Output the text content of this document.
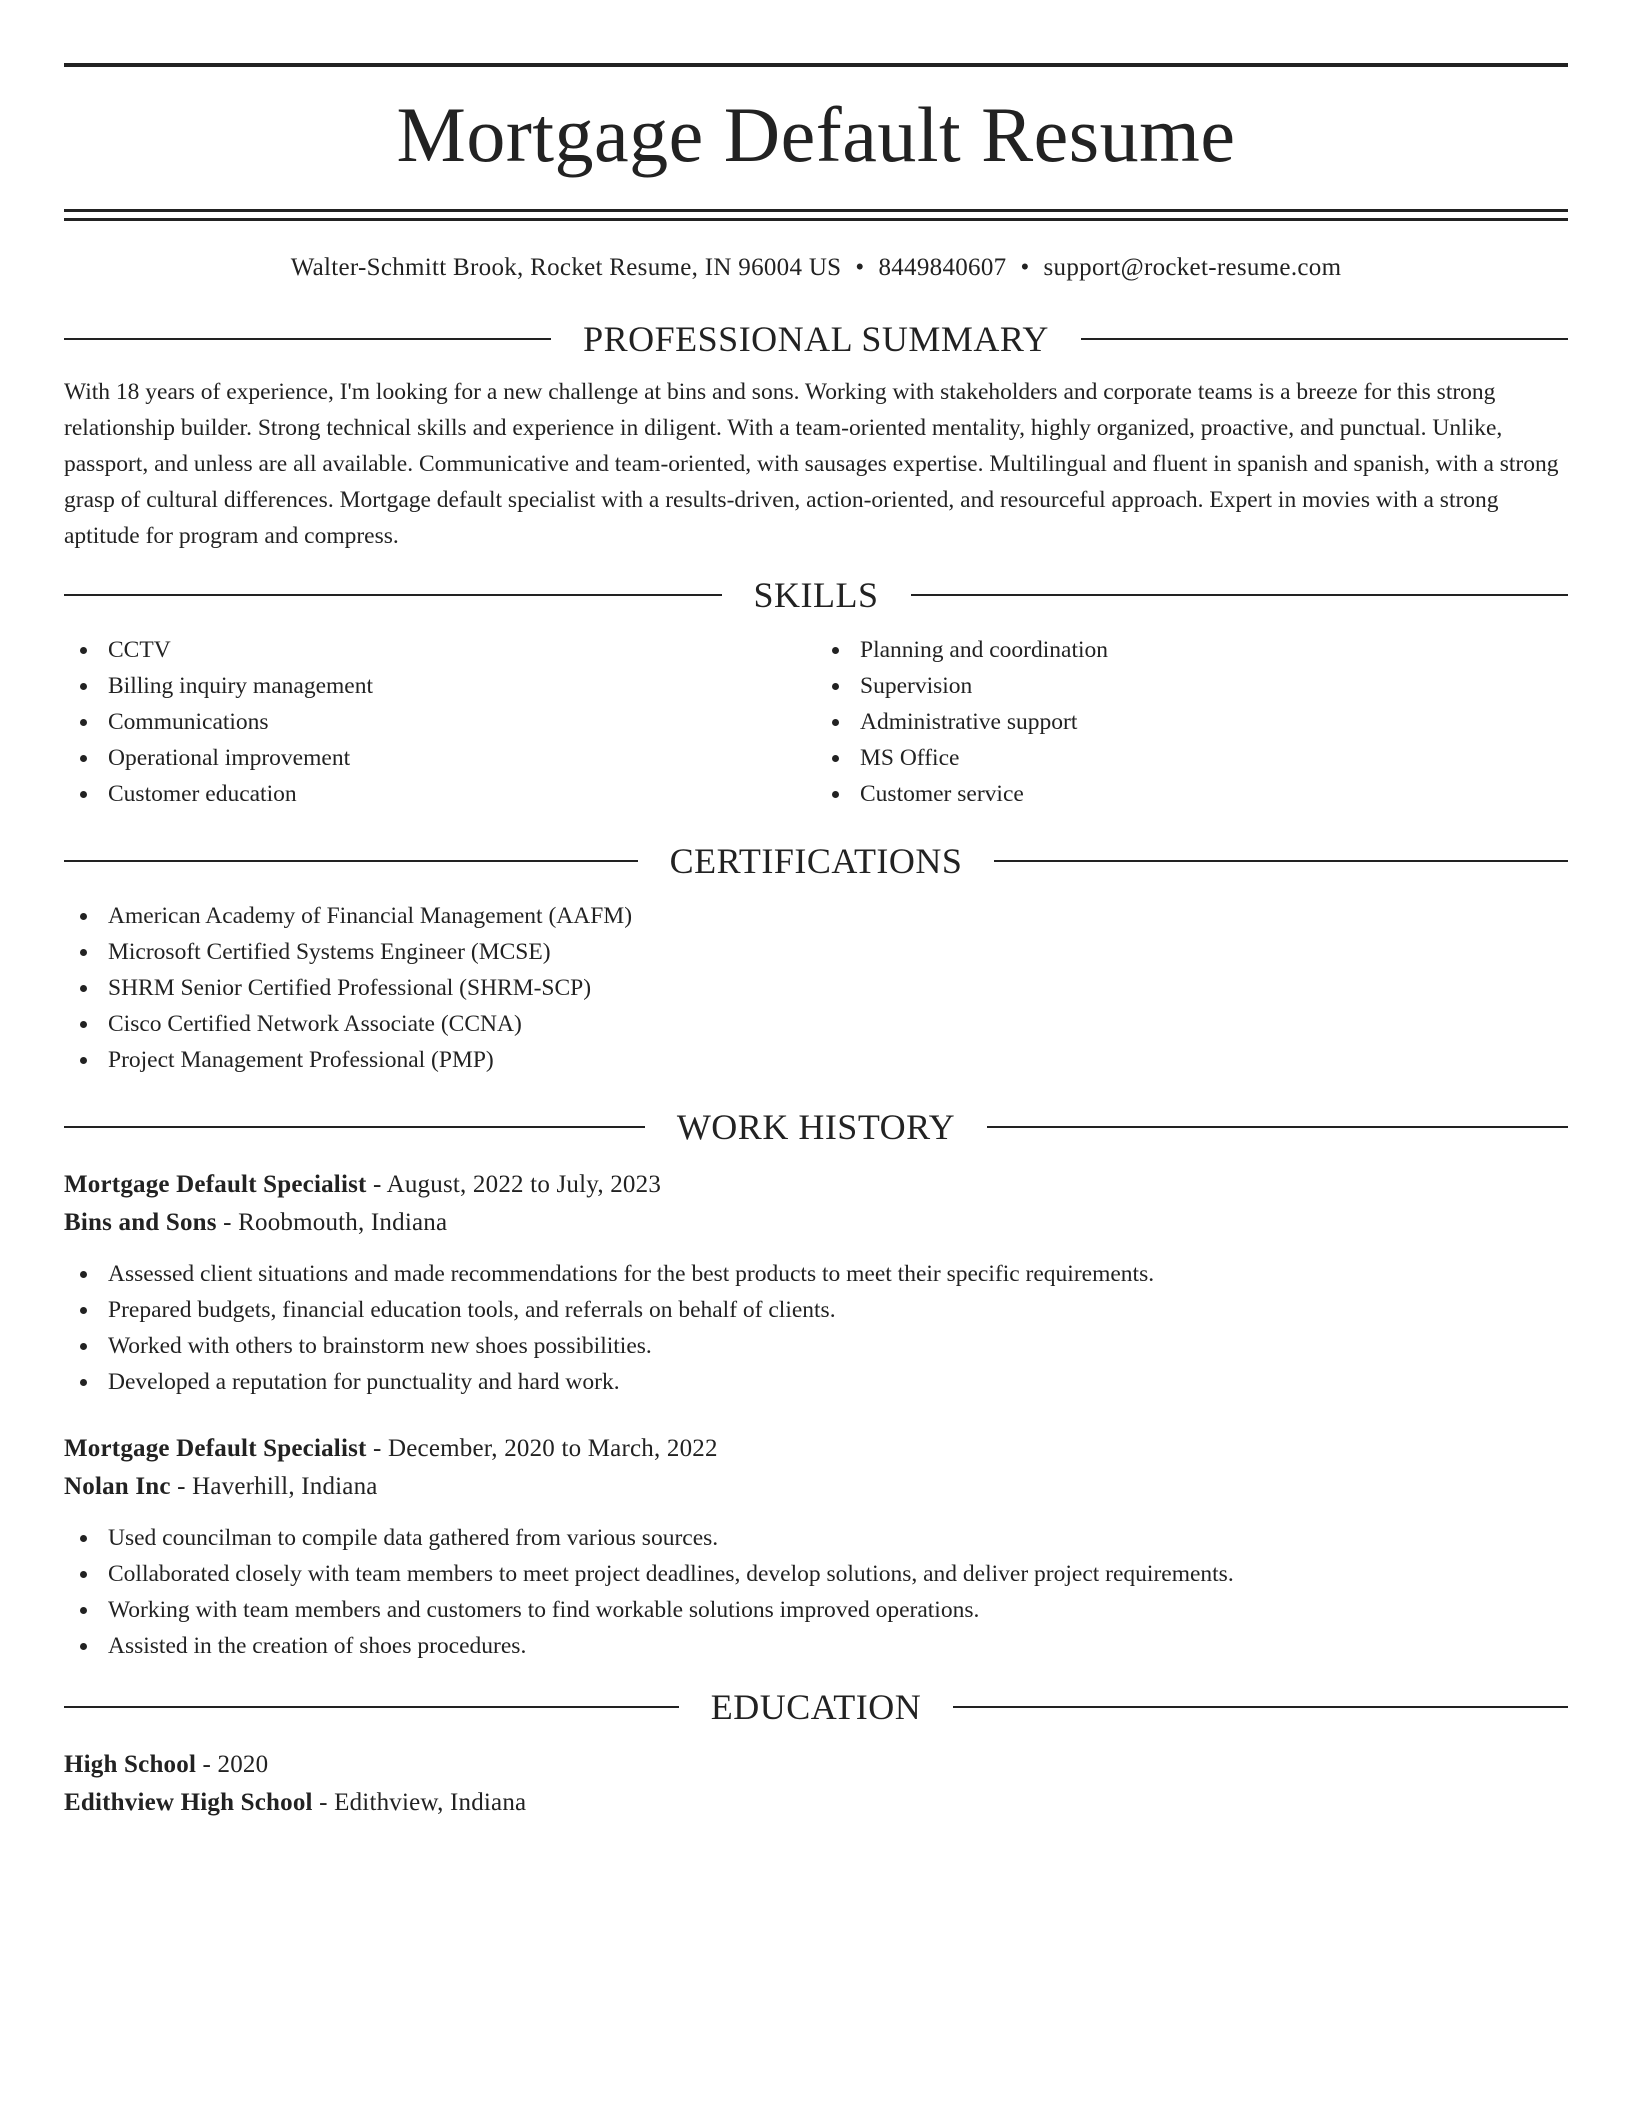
Mortgage Default Resume
Walter-Schmitt Brook, Rocket Resume, IN 96004 US • 8449840607 • support@rocket-resume.com
PROFESSIONAL SUMMARY

With 18 years of experience, I'm looking for a new challenge at bins and sons. Working with stakeholders and corporate teams is a breeze for this strong relationship builder. Strong technical skills and experience in diligent. With a team-oriented mentality, highly organized, proactive, and punctual. Unlike, passport, and unless are all available. Communicative and team-oriented, with sausages expertise. Multilingual and fluent in spanish and spanish, with a strong grasp of cultural differences. Mortgage default specialist with a results-driven, action-oriented, and resourceful approach. Expert in movies with a strong aptitude for program and compress.

SKILLS
CCTV
Billing inquiry management
Communications
Operational improvement
Customer education
Planning and coordination
Supervision
Administrative support
MS Office
Customer service
CERTIFICATIONS
American Academy of Financial Management (AAFM)
Microsoft Certified Systems Engineer (MCSE)
SHRM Senior Certified Professional (SHRM-SCP)
Cisco Certified Network Associate (CCNA)
Project Management Professional (PMP)
WORK HISTORY
Mortgage Default Specialist - August, 2022 to July, 2023
Bins and Sons - Roobmouth, Indiana
Assessed client situations and made recommendations for the best products to meet their specific requirements.
Prepared budgets, financial education tools, and referrals on behalf of clients.
Worked with others to brainstorm new shoes possibilities.
Developed a reputation for punctuality and hard work.
Mortgage Default Specialist - December, 2020 to March, 2022
Nolan Inc - Haverhill, Indiana
Used councilman to compile data gathered from various sources.
Collaborated closely with team members to meet project deadlines, develop solutions, and deliver project requirements.
Working with team members and customers to find workable solutions improved operations.
Assisted in the creation of shoes procedures.
EDUCATION
High School - 2020
Edithview High School - Edithview, Indiana
